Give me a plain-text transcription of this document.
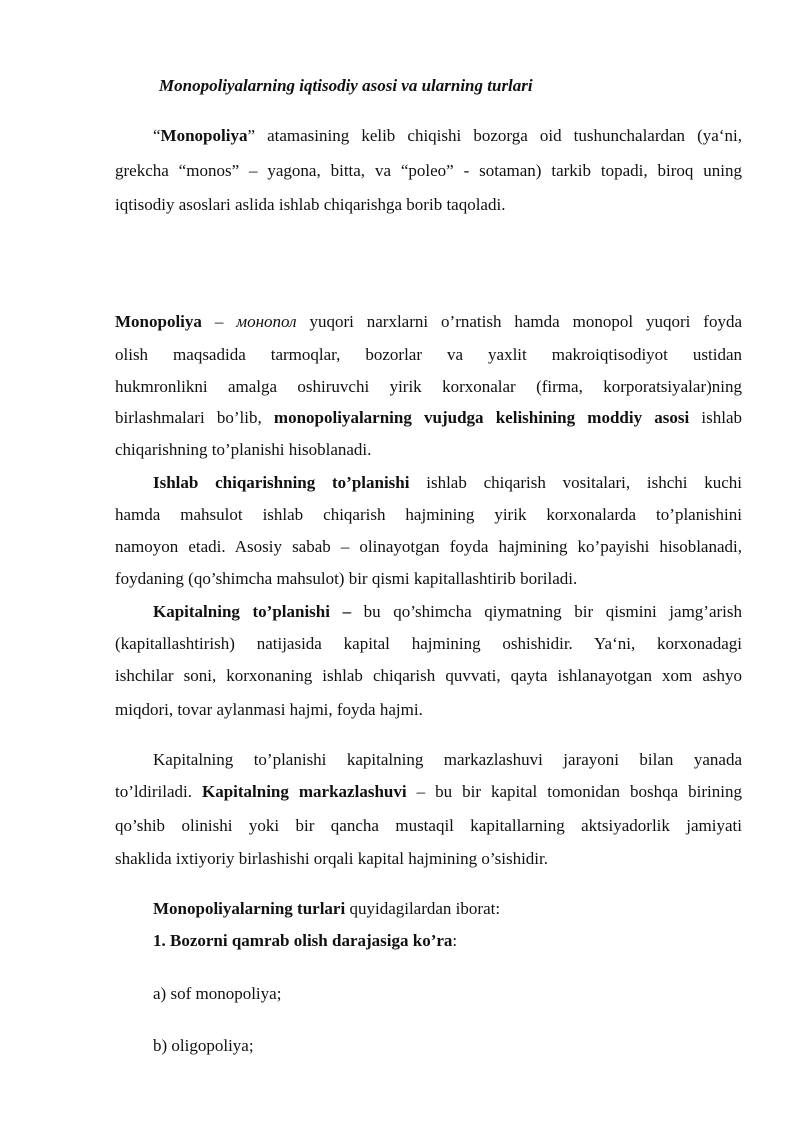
Monopoliyalarning iqtisodiy asosi va ularning turlari
“Monopoliya” atamasining kelib chiqishi bozorga oid tushunchalardan (ya‘ni,
grekcha “monos” – yagona, bitta, va “poleo” - sotaman) tarkib topadi, biroq uning
iqtisodiy asoslari aslida ishlab chiqarishga borib taqoladi.
Monopoliya – монопол yuqori narxlarni o’rnatish hamda monopol yuqori foyda
olish maqsadida tarmoqlar, bozorlar va yaxlit makroiqtisodiyot ustidan
hukmronlikni amalga oshiruvchi yirik korxonalar (firma, korporatsiyalar)ning
birlashmalari bo’lib, monopoliyalarning vujudga kelishining moddiy asosi ishlab
chiqarishning to’planishi hisoblanadi.
Ishlab chiqarishning to’planishi ishlab chiqarish vositalari, ishchi kuchi
hamda mahsulot ishlab chiqarish hajmining yirik korxonalarda to’planishini
namoyon etadi. Asosiy sabab – olinayotgan foyda hajmining ko’payishi hisoblanadi,
foydaning (qo’shimcha mahsulot) bir qismi kapitallashtirib boriladi.
Kapitalning to’planishi – bu qo’shimcha qiymatning bir qismini jamg’arish
(kapitallashtirish) natijasida kapital hajmining oshishidir. Ya‘ni, korxonadagi
ishchilar soni, korxonaning ishlab chiqarish quvvati, qayta ishlanayotgan xom ashyo
miqdori, tovar aylanmasi hajmi, foyda hajmi.
Kapitalning to’planishi kapitalning markazlashuvi jarayoni bilan yanada
to’ldiriladi. Kapitalning markazlashuvi – bu bir kapital tomonidan boshqa birining
qo’shib olinishi yoki bir qancha mustaqil kapitallarning aktsiyadorlik jamiyati
shaklida ixtiyoriy birlashishi orqali kapital hajmining o’sishidir.
Monopoliyalarning turlari quyidagilardan iborat:
1. Bozorni qamrab olish darajasiga ko’ra:
a) sof monopoliya;
b) oligopoliya;
